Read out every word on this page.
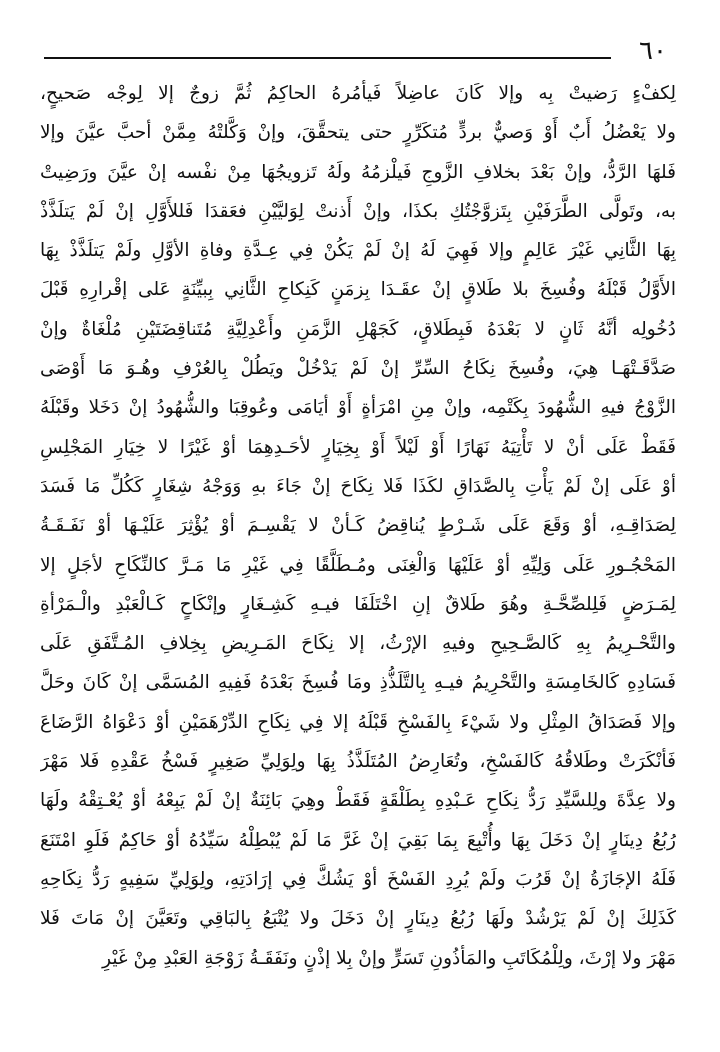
٦٠
لِكفْءٍ رَضيتْ بِه وإلا كَانَ عاضِلاً فَيأمُرهُ الحاكِمُ ثُمَّ زوجٌ إلا لِوجْه صَحيحٍ،
ولا يَعْضُلُ أَبٌ أَوْ وَصيٌّ بردٍّ مُتكَرِّرٍ حتى يتحقَّقَ، وإنْ وَكَّلتْهُ مِمَّنْ أحبَّ عيَّنَ وإلا
فَلهَا الرَّدُّ، وإنْ بَعْدَ بخلافِ الزَّوجِ فَيلْزمُهُ ولَهُ تَزويجُهَا مِنْ نفْسه إنْ عيَّنَ ورَضِيتْ
به، وتَولَّى الطَّرَفَيْنِ بِتَزوَّجْتُكِ بكذَا، وإنْ أَذنتْ لِوَليَّيْنِ فعَقدَا فَللأَوَّلِ إنْ لَمْ يَتلَذَّذْ
بِهَا الثَّانِي غَيْرَ عَالِمٍ وإلا فَهِيَ لَهُ إنْ لَمْ يَكُنْ فِي عِـدَّةِ وفاةِ الأوَّلِ ولَمْ يَتلَذَّذْ بِهَا
الأَوَّلُ قَبْلَهُ وفُسِخَ بلا طَلاقٍ إنْ عقَـدَا بِزمَنٍ كَنِكاحِ الثَّانِي بِبيِّنَةٍ عَلى إقْرارِهِ قَبْلَ
دُخُولِه أنَّهُ ثَانٍ لا بَعْدَهُ فَبِطَلاقٍ، كَجَهْلِ الزَّمَنِ وأَعْدِلِيَّةِ مُتَناقِضَتَيْنِ مُلْغَاةٌ وإنْ
صَدَّقَـتْهَـا هِيَ، وفُسِخَ نِكَاحُ السِّرِّ إنْ لَمْ يَدْخُلْ ويَطُلْ بِالعُرْفِ وهُـوَ مَا أَوْصَى
الزَّوْجُ فيهِ الشُّهُودَ بِكَتْمِه، وإنْ مِنِ امْرَأةٍ أَوْ أيَامَى وعُوقِبَا والشُّهُودُ إنْ دَخَلا وقَبْلَهُ
فَقَطْ عَلَى أنْ لا تَأْتِيَهُ نَهَارًا أَوْ لَيْلاً أَوْ بِخِيَارٍ لأحَـدِهِمَا أوْ غَيْرًا لا خِيَارِ المَجْلِسِ
أوْ عَلَى إنْ لَمْ يَأْتِ بِالصَّدَاقِ لكَذَا فَلا نِكَاحَ إنْ جَاءَ بهِ وَوَجْهُ شِغَارٍ كَكُلِّ مَا فَسَدَ
لِصَدَاقِـهِ، أوْ وَقَعَ عَلَى شَـرْطٍ يُناقِضُ كَـأنْ لا يَقْسِـمَ أوْ يُؤْثِرَ عَلَيْـهَا أوْ نَفَـقَـةُ
المَحْجُـورِ عَلَى وَلِيِّهِ أوْ عَلَيْهَا وَالْغِنَى ومُـطَلَّقًا فِي غَيْرِ مَا مَـرَّ كالنِّكَاحِ لأجَلٍ إلا
لِمَـرَضٍ فَلِلصِّحَّـةِ وهُوَ طَلاقٌ إنِ اخْتَلَفَا فيـهِ كَشِـغَارٍ وإنْكَاحٍ كَـالْعَبْدِ والْـمَرْأةِ
والتَّحْـرِيمُ بِهِ كَالصَّـحِيحِ وفيهِ الإرْثُ، إلا نِكَاحَ المَـرِيضِ بِخِلافِ المُـتَّفَقِ عَلَى
فَسَادِهِ كَالخَامِسَةِ والتَّحْرِيمُ فيـهِ بِالتَّلَذُّذِ ومَا فُسِخَ بَعْدَهُ فَفِيهِ المُسَمَّى إنْ كَانَ وحَلَّ
وإلا فَصَدَاقُ المِثْلِ ولا شَيْءَ بِالفَسْخِ قَبْلَهُ إلا فِي نِكَاحِ الدِّرْهَمَيْنِ أوْ دَعْوَاهُ الرَّضَاعَ
فَأنْكَرَتْ وطَلاقُهُ كَالفَسْخِ، وتُعَارِضُ المُتَلَذَّذُ بِهَا ولِوَلِيِّ صَغِيرٍ فَسْخُ عَقْدِهِ فَلا مَهْرَ
ولا عِدَّةَ ولِلسَّيِّدِ رَدُّ نِكَاحِ عَـبْدِهِ بِطَلْقَةٍ فَقَطْ وهِيَ بَائِنَةٌ إنْ لَمْ يَبِعْهُ أوْ يُعْـتِقْهُ ولَهَا
رُبُعُ دِينَارٍ إنْ دَخَلَ بِهَا وأُتْبِعَ بِمَا بَقِيَ إنْ غَرَّ مَا لَمْ يُبْطِلْهُ سَيِّدُهُ أوْ حَاكِمٌ فَلَوِ امْتَنَعَ
فَلَهُ الإجَازَةُ إنْ قَرُبَ ولَمْ يُرِدِ الفَسْخَ أوْ يَشُكَّ فِي إرَادَتِهِ، ولِوَلِيِّ سَفِيهٍ رَدُّ نِكَاحِهِ
كَذَلِكَ إنْ لَمْ يَرْشُدْ ولَهَا رُبُعُ دِينَارٍ إنْ دَخَلَ ولا يُتْبَعُ بِالبَاقِي وتَعَيَّنَ إنْ مَاتَ فَلا
مَهْرَ ولا إرْثَ، ولِلْمُكَاتَبِ والمَأذُونِ تَسَرٍّ وإنْ بِلا إذْنٍ ونَفَقَـةُ زَوْجَةِ العَبْدِ مِنْ غَيْرِ
